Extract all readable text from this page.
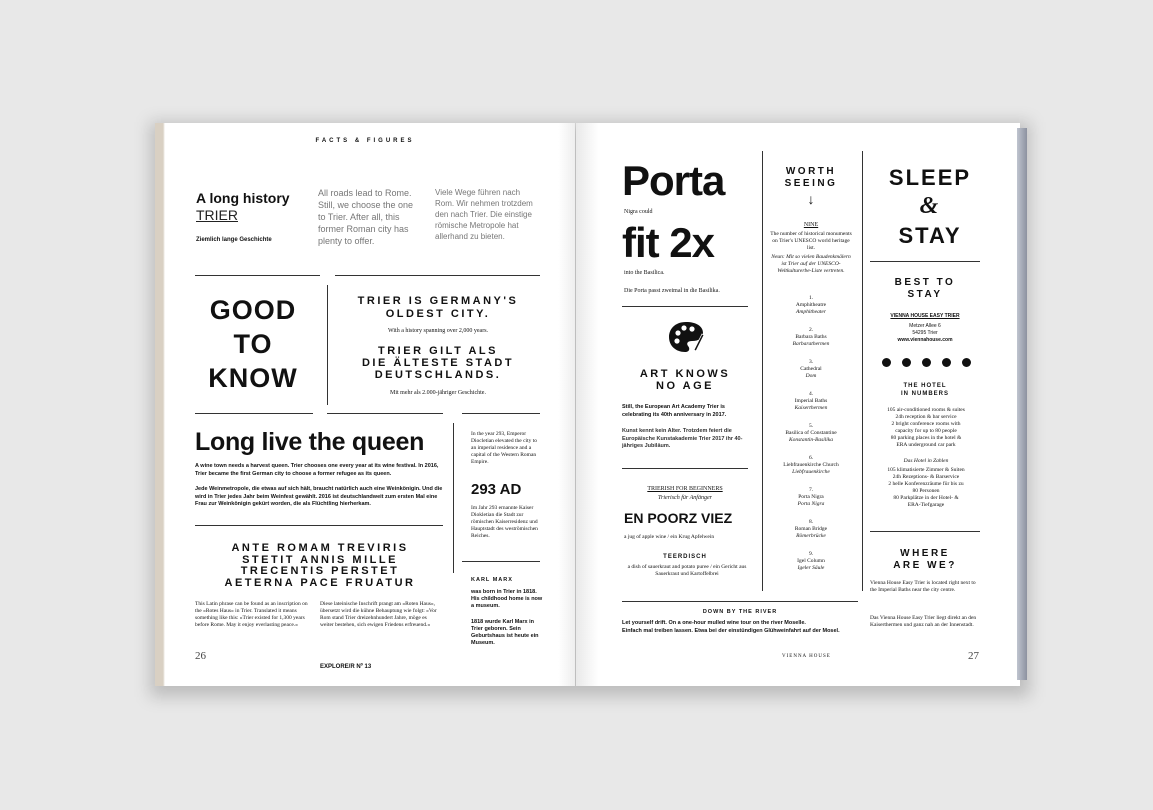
FACTS & FIGURES
A long history
TRIER
Ziemlich lange Geschichte
All roads lead to Rome. Still, we choose the one to Trier. After all, this former Roman city has plenty to offer.
Viele Wege führen nach Rom. Wir nehmen trotzdem den nach Trier. Die einstige römische Metropole hat allerhand zu bieten.
GOOD
TO
KNOW
TRIER IS GERMANY'S
OLDEST CITY.
With a history spanning over 2,000 years.
TRIER GILT ALS
DIE ÄLTESTE STADT
DEUTSCHLANDS.
Mit mehr als 2.000-jähriger Geschichte.
Long live the queen
A wine town needs a harvest queen. Trier chooses one every year at its wine festival. In 2016, Trier became the first German city to choose a former refugee as its queen.
Jede Weinmetropole, die etwas auf sich hält, braucht natürlich auch eine Weinkönigin. Und die wird in Trier jedes Jahr beim Weinfest gewählt. 2016 ist deutschlandweit zum ersten Mal eine Frau zur Weinkönigin gekürt worden, die als Flüchtling hierherkam.
In the year 293, Emperor Diocletian elevated the city to an imperial residence and a capital of the Western Roman Empire.
293 AD
Im Jahr 293 ernannte Kaiser Diokletian die Stadt zur römischen Kaiserresidenz und Hauptstadt des weströmischen Reiches.
ANTE ROMAM TREVIRIS
STETIT ANNIS MILLE
TRECENTIS PERSTET
AETERNA PACE FRUATUR
This Latin phrase can be found as an inscription on the »Rotes Haus« in Trier. Translated it means something like this: »Trier existed for 1,300 years before Rome. May it enjoy everlasting peace.«
Diese lateinische Inschrift prangt am »Roten Haus«, übersetzt wird die kühne Behauptung wie folgt: »Vor Rom stand Trier dreizehnhundert Jahre, möge es weiter bestehen, sich ewigen Friedens erfreuend.«
KARL MARX
was born in Trier in 1818. His childhood home is now a museum.
1818 wurde Karl Marx in Trier geboren. Sein Geburtshaus ist heute ein Museum.
26
EXPLORE/R Nº 13
Porta
Nigra could
fit 2x
into the Basilica.
Die Porta passt zweimal in die Basilika.
ART KNOWS
NO AGE
Still, the European Art Academy Trier is celebrating its 40th anniversary in 2017.
Kunst kennt kein Alter. Trotzdem feiert die Europäische Kunstakademie Trier 2017 ihr 40-jähriges Jubiläum.
TRIERISH FOR BEGINNERS
Trierisch für Anfänger
EN POORZ VIEZ
a jug of apple wine / ein Krug Apfelwein
TEERDISCH
a dish of sauerkraut and potato puree / ein Gericht aus Sauerkraut und Kartoffelbrei
WORTH
SEEING
↓
NINE
The number of historical monuments on Trier's UNESCO world heritage list.
Neun: Mit so vielen Baudenkmälern ist Trier auf der UNESCO-Weltkulturerbe-Liste vertreten.
1.
Amphitheatre
Amphitheater
2.
Barbara Baths
Barbarathermen
3.
Cathedral
Dom
4.
Imperial Baths
Kaiserthermen
5.
Basilica of Constantine
Konstantin-Basilika
6.
Liebfrauenkirche Church
Liebfrauenkirche
7.
Porta Nigra
Porta Nigra
8.
Roman Bridge
Römerbrücke
9.
Igel Column
Igeler Säule
SLEEP
&
STAY
BEST TO
STAY
VIENNA HOUSE EASY TRIER
Metzer Allee 6
54295 Trier
www.viennahouse.com
THE HOTEL
IN NUMBERS
105 air-conditioned rooms & suites
24h reception & bar service
2 bright conference rooms with
capacity for up to 80 people
80 parking places in the hotel &
ERA underground car park
Das Hotel in Zahlen
105 klimatisierte Zimmer & Suiten
24h Rezeptions- & Barservice
2 helle Konferenzräume für bis zu
80 Personen
80 Parkplätze in der Hotel- &
ERA-Tiefgarage
WHERE
ARE WE?
Vienna House Easy Trier is located right next to the Imperial Baths near the city centre.
Das Vienna House Easy Trier liegt direkt an den Kaiserthermen und ganz nah an der Innenstadt.
DOWN BY THE RIVER
Let yourself drift. On a one-hour mulled wine tour on the river Moselle.
Einfach mal treiben lassen. Etwa bei der einstündigen Glühweinfahrt auf der Mosel.
VIENNA HOUSE	27
